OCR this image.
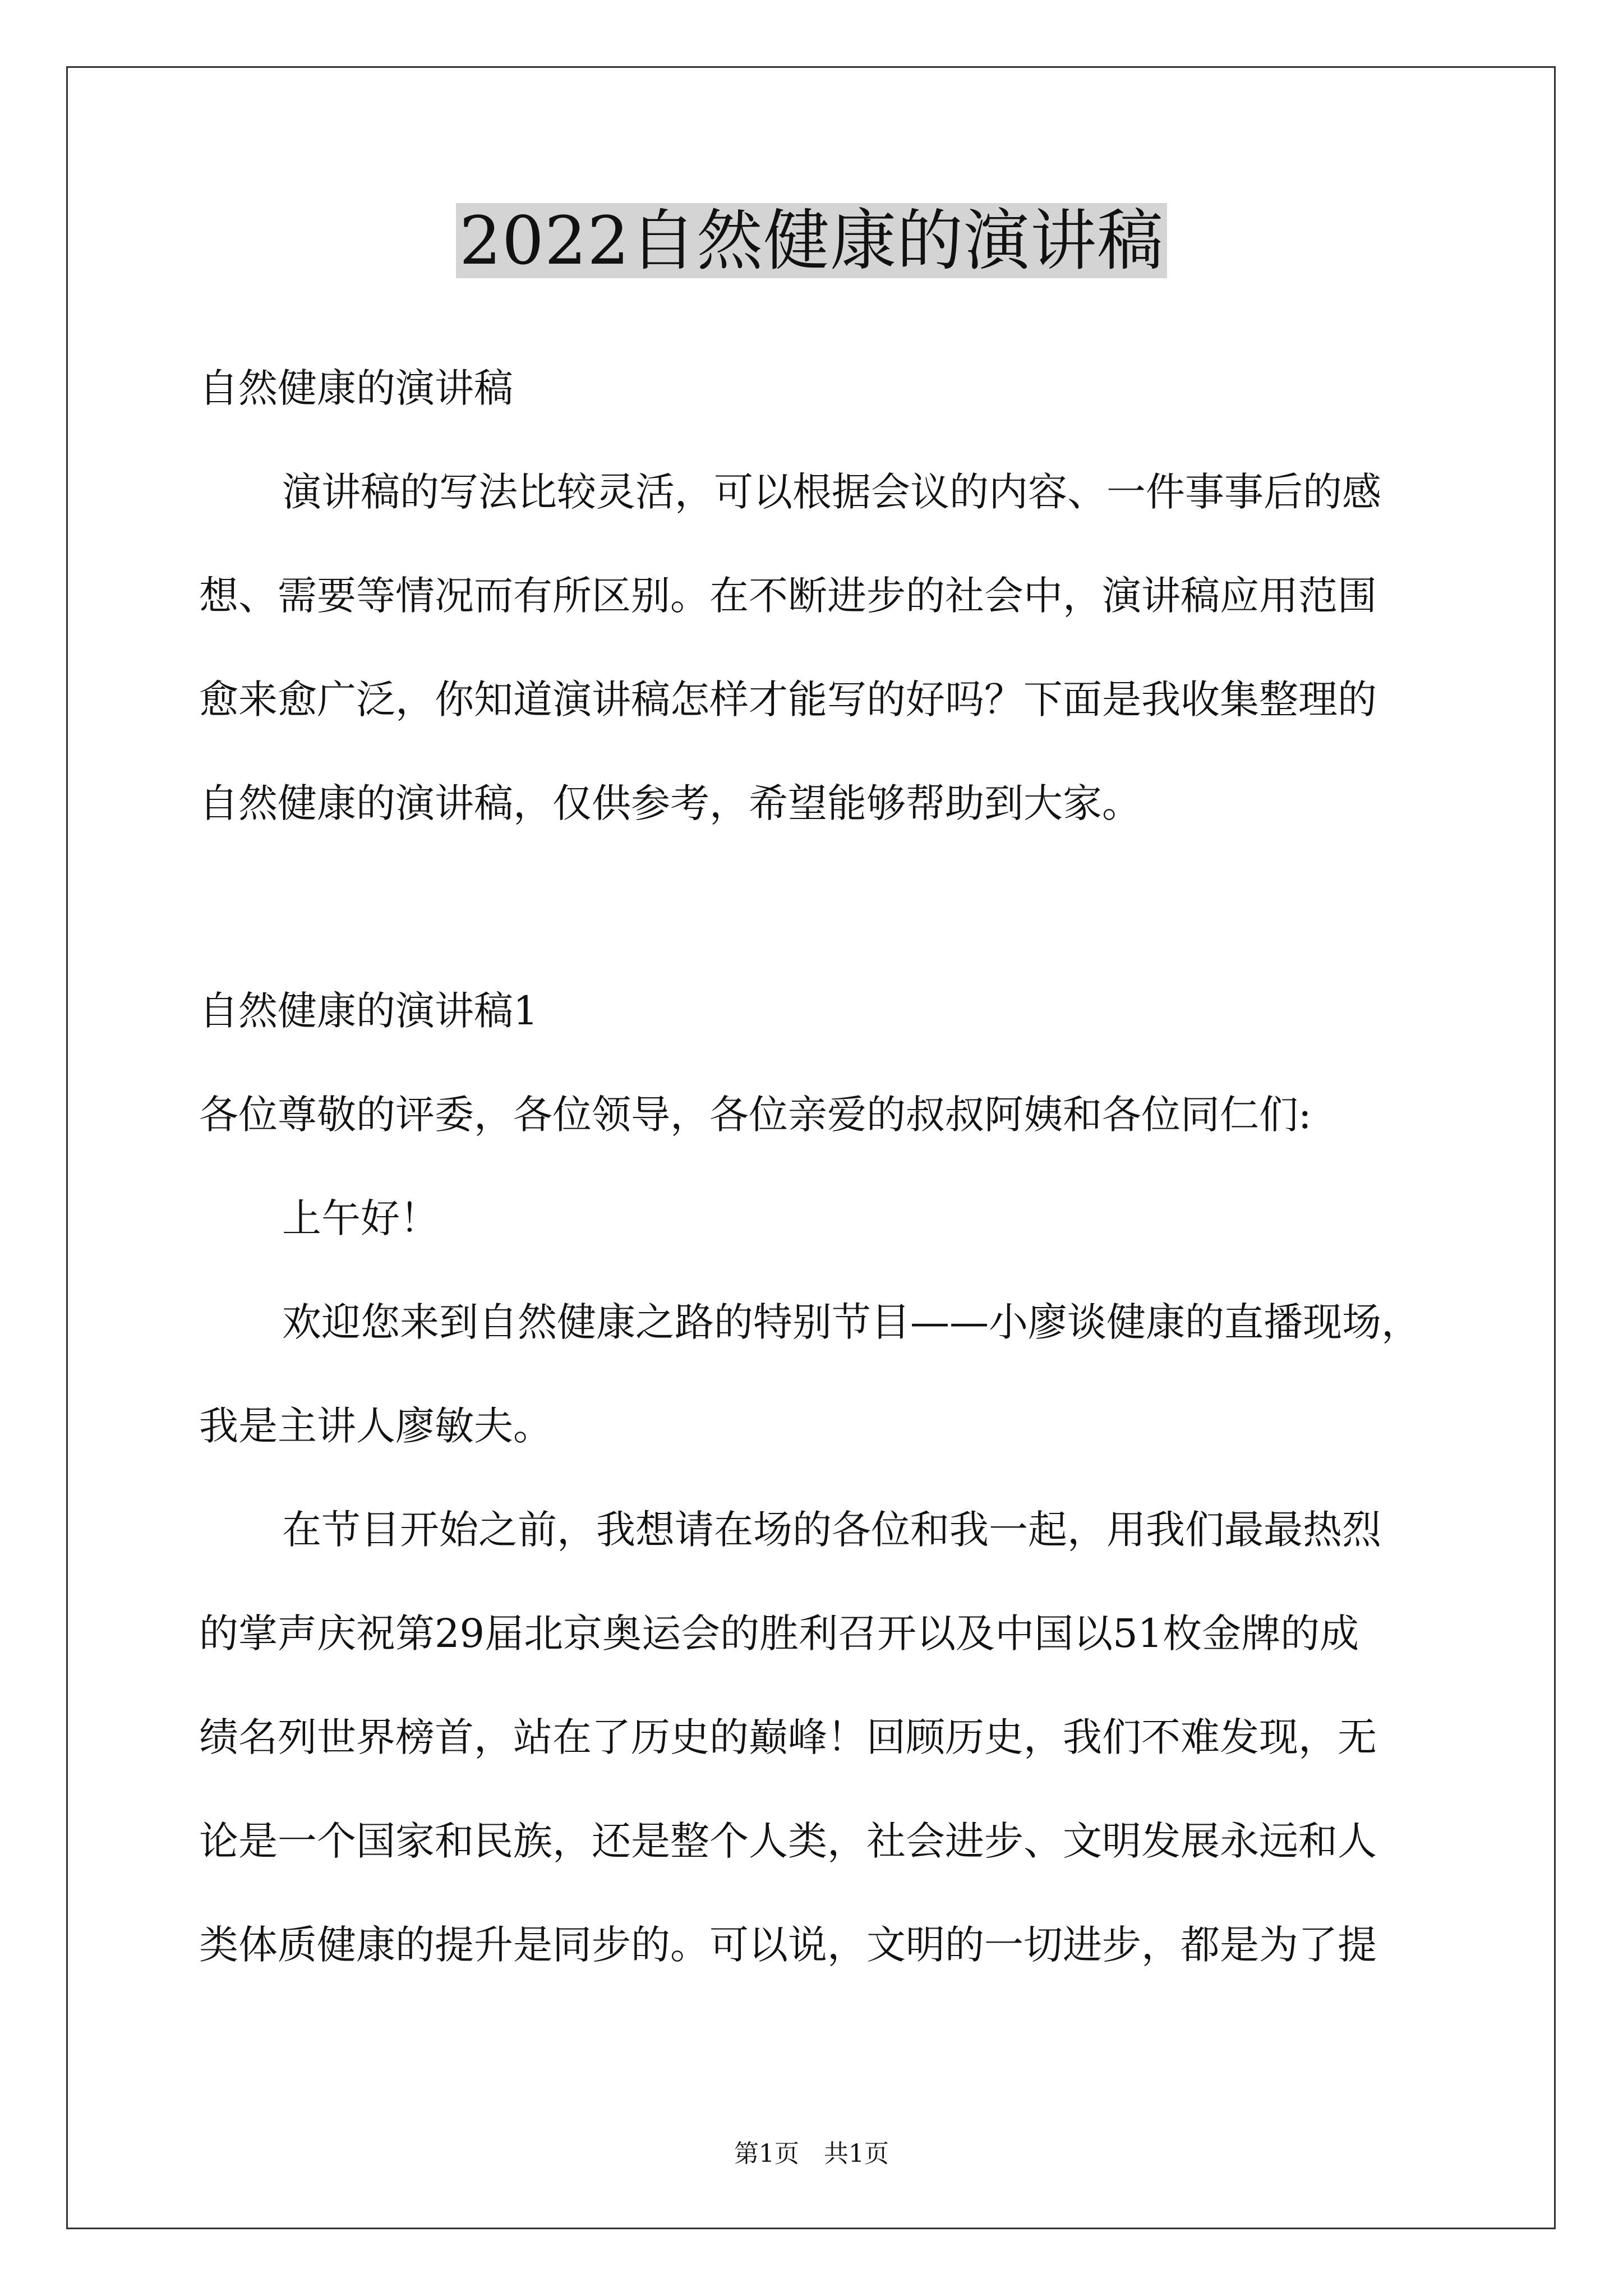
2022自然健康的演讲稿
自然健康的演讲稿
演讲稿的写法比较灵活，可以根据会议的内容、一件事事后的感
想、需要等情况而有所区别。在不断进步的社会中，演讲稿应用范围
愈来愈广泛，你知道演讲稿怎样才能写的好吗？下面是我收集整理的
自然健康的演讲稿，仅供参考，希望能够帮助到大家。
自然健康的演讲稿1
各位尊敬的评委，各位领导，各位亲爱的叔叔阿姨和各位同仁们:
上午好！
欢迎您来到自然健康之路的特别节目——小廖谈健康的直播现场，
我是主讲人廖敏夫。
在节目开始之前，我想请在场的各位和我一起，用我们最最热烈
的掌声庆祝第29届北京奥运会的胜利召开以及中国以51枚金牌的成
绩名列世界榜首，站在了历史的巅峰！回顾历史，我们不难发现，无
论是一个国家和民族，还是整个人类，社会进步、文明发展永远和人
类体质健康的提升是同步的。可以说，文明的一切进步，都是为了提
第1页　共1页
